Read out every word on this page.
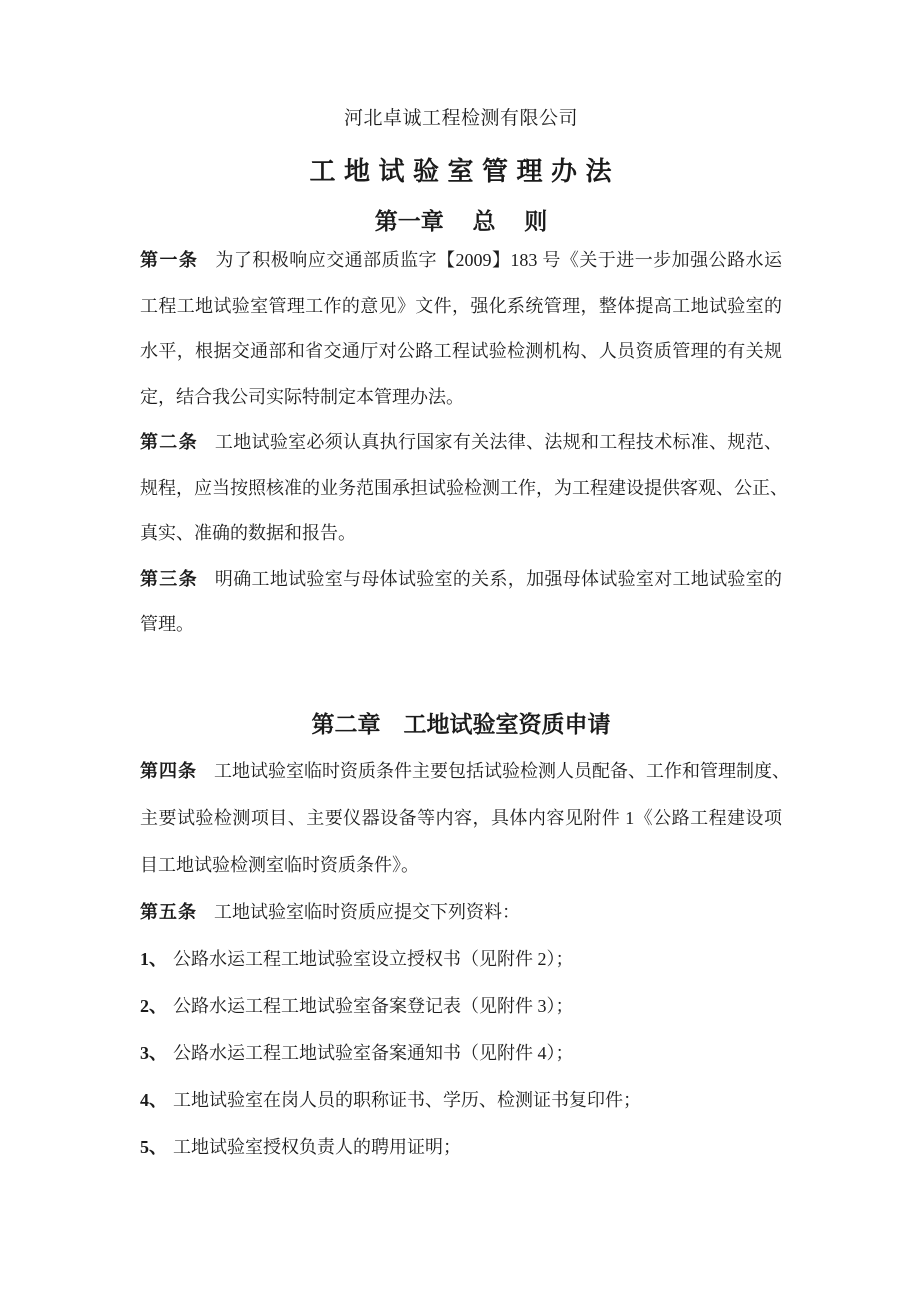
河北卓诚工程检测有限公司
工 地 试 验 室 管 理 办 法
第一章　 总　 则
第一条 为了积极响应交通部质监字【2009】183 号《关于进一步加强公路水运
工程工地试验室管理工作的意见》文件，强化系统管理，整体提高工地试验室的
水平，根据交通部和省交通厅对公路工程试验检测机构、人员资质管理的有关规
定，结合我公司实际特制定本管理办法。
第二条 工地试验室必须认真执行国家有关法律、法规和工程技术标准、规范、
规程，应当按照核准的业务范围承担试验检测工作，为工程建设提供客观、公正、
真实、准确的数据和报告。
第三条 明确工地试验室与母体试验室的关系，加强母体试验室对工地试验室的
管理。
第二章　工地试验室资质申请
第四条 工地试验室临时资质条件主要包括试验检测人员配备、工作和管理制度、
主要试验检测项目、主要仪器设备等内容，具体内容见附件 1《公路工程建设项
目工地试验检测室临时资质条件》。
第五条 工地试验室临时资质应提交下列资料：
1、 公路水运工程工地试验室设立授权书（见附件 2）；
2、 公路水运工程工地试验室备案登记表（见附件 3）；
3、 公路水运工程工地试验室备案通知书（见附件 4）；
4、 工地试验室在岗人员的职称证书、学历、检测证书复印件；
5、 工地试验室授权负责人的聘用证明；
